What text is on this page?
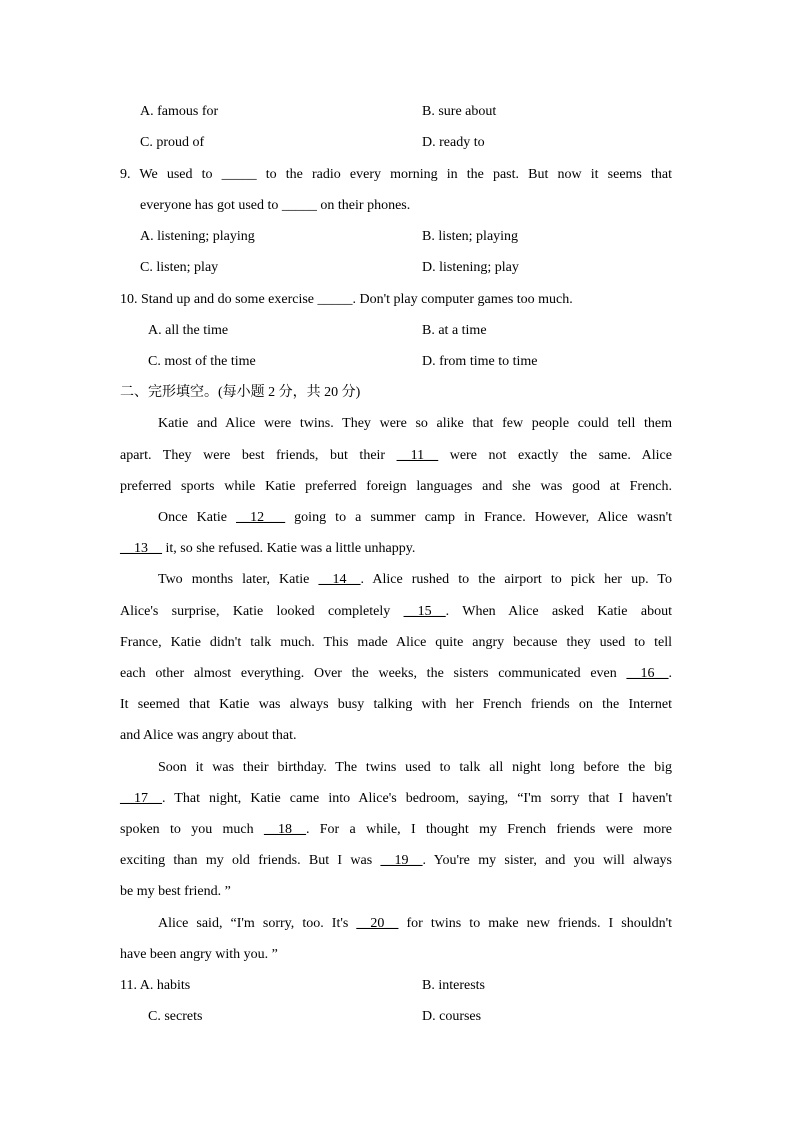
A. famous for	B. sure about
C. proud of	D. ready to
9. We used to _____ to the radio every morning in the past. But now it seems that
everyone has got used to _____ on their phones.
A. listening; playing	B. listen; playing
C. listen; play	D. listening; play
10. Stand up and do some exercise _____. Don't play computer games too much.
A. all the time	B. at a time
C. most of the time	D. from time to time
二、完形填空。(每小题 2 分，共 20 分)
Katie and Alice were twins. They were so alike that few people could tell them
apart. They were best friends, but their __11__ were not exactly the same. Alice
preferred sports while Katie preferred foreign languages and she was good at French.
Once Katie __12___ going to a summer camp in France. However, Alice wasn't
__13__ it, so she refused. Katie was a little unhappy.
Two months later, Katie __14__. Alice rushed to the airport to pick her up. To
Alice's surprise, Katie looked completely __15__. When Alice asked Katie about
France, Katie didn't talk much. This made Alice quite angry because they used to tell
each other almost everything. Over the weeks, the sisters communicated even __16__.
It seemed that Katie was always busy talking with her French friends on the Internet
and Alice was angry about that.
Soon it was their birthday. The twins used to talk all night long before the big
__17__. That night, Katie came into Alice's bedroom, saying, “I'm sorry that I haven't
spoken to you much __18__. For a while, I thought my French friends were more
exciting than my old friends. But I was __19__. You're my sister, and you will always
be my best friend. ”
Alice said, “I'm sorry, too. It's __20__ for twins to make new friends. I shouldn't
have been angry with you. ”
11. A. habits	B. interests
C. secrets	D. courses
